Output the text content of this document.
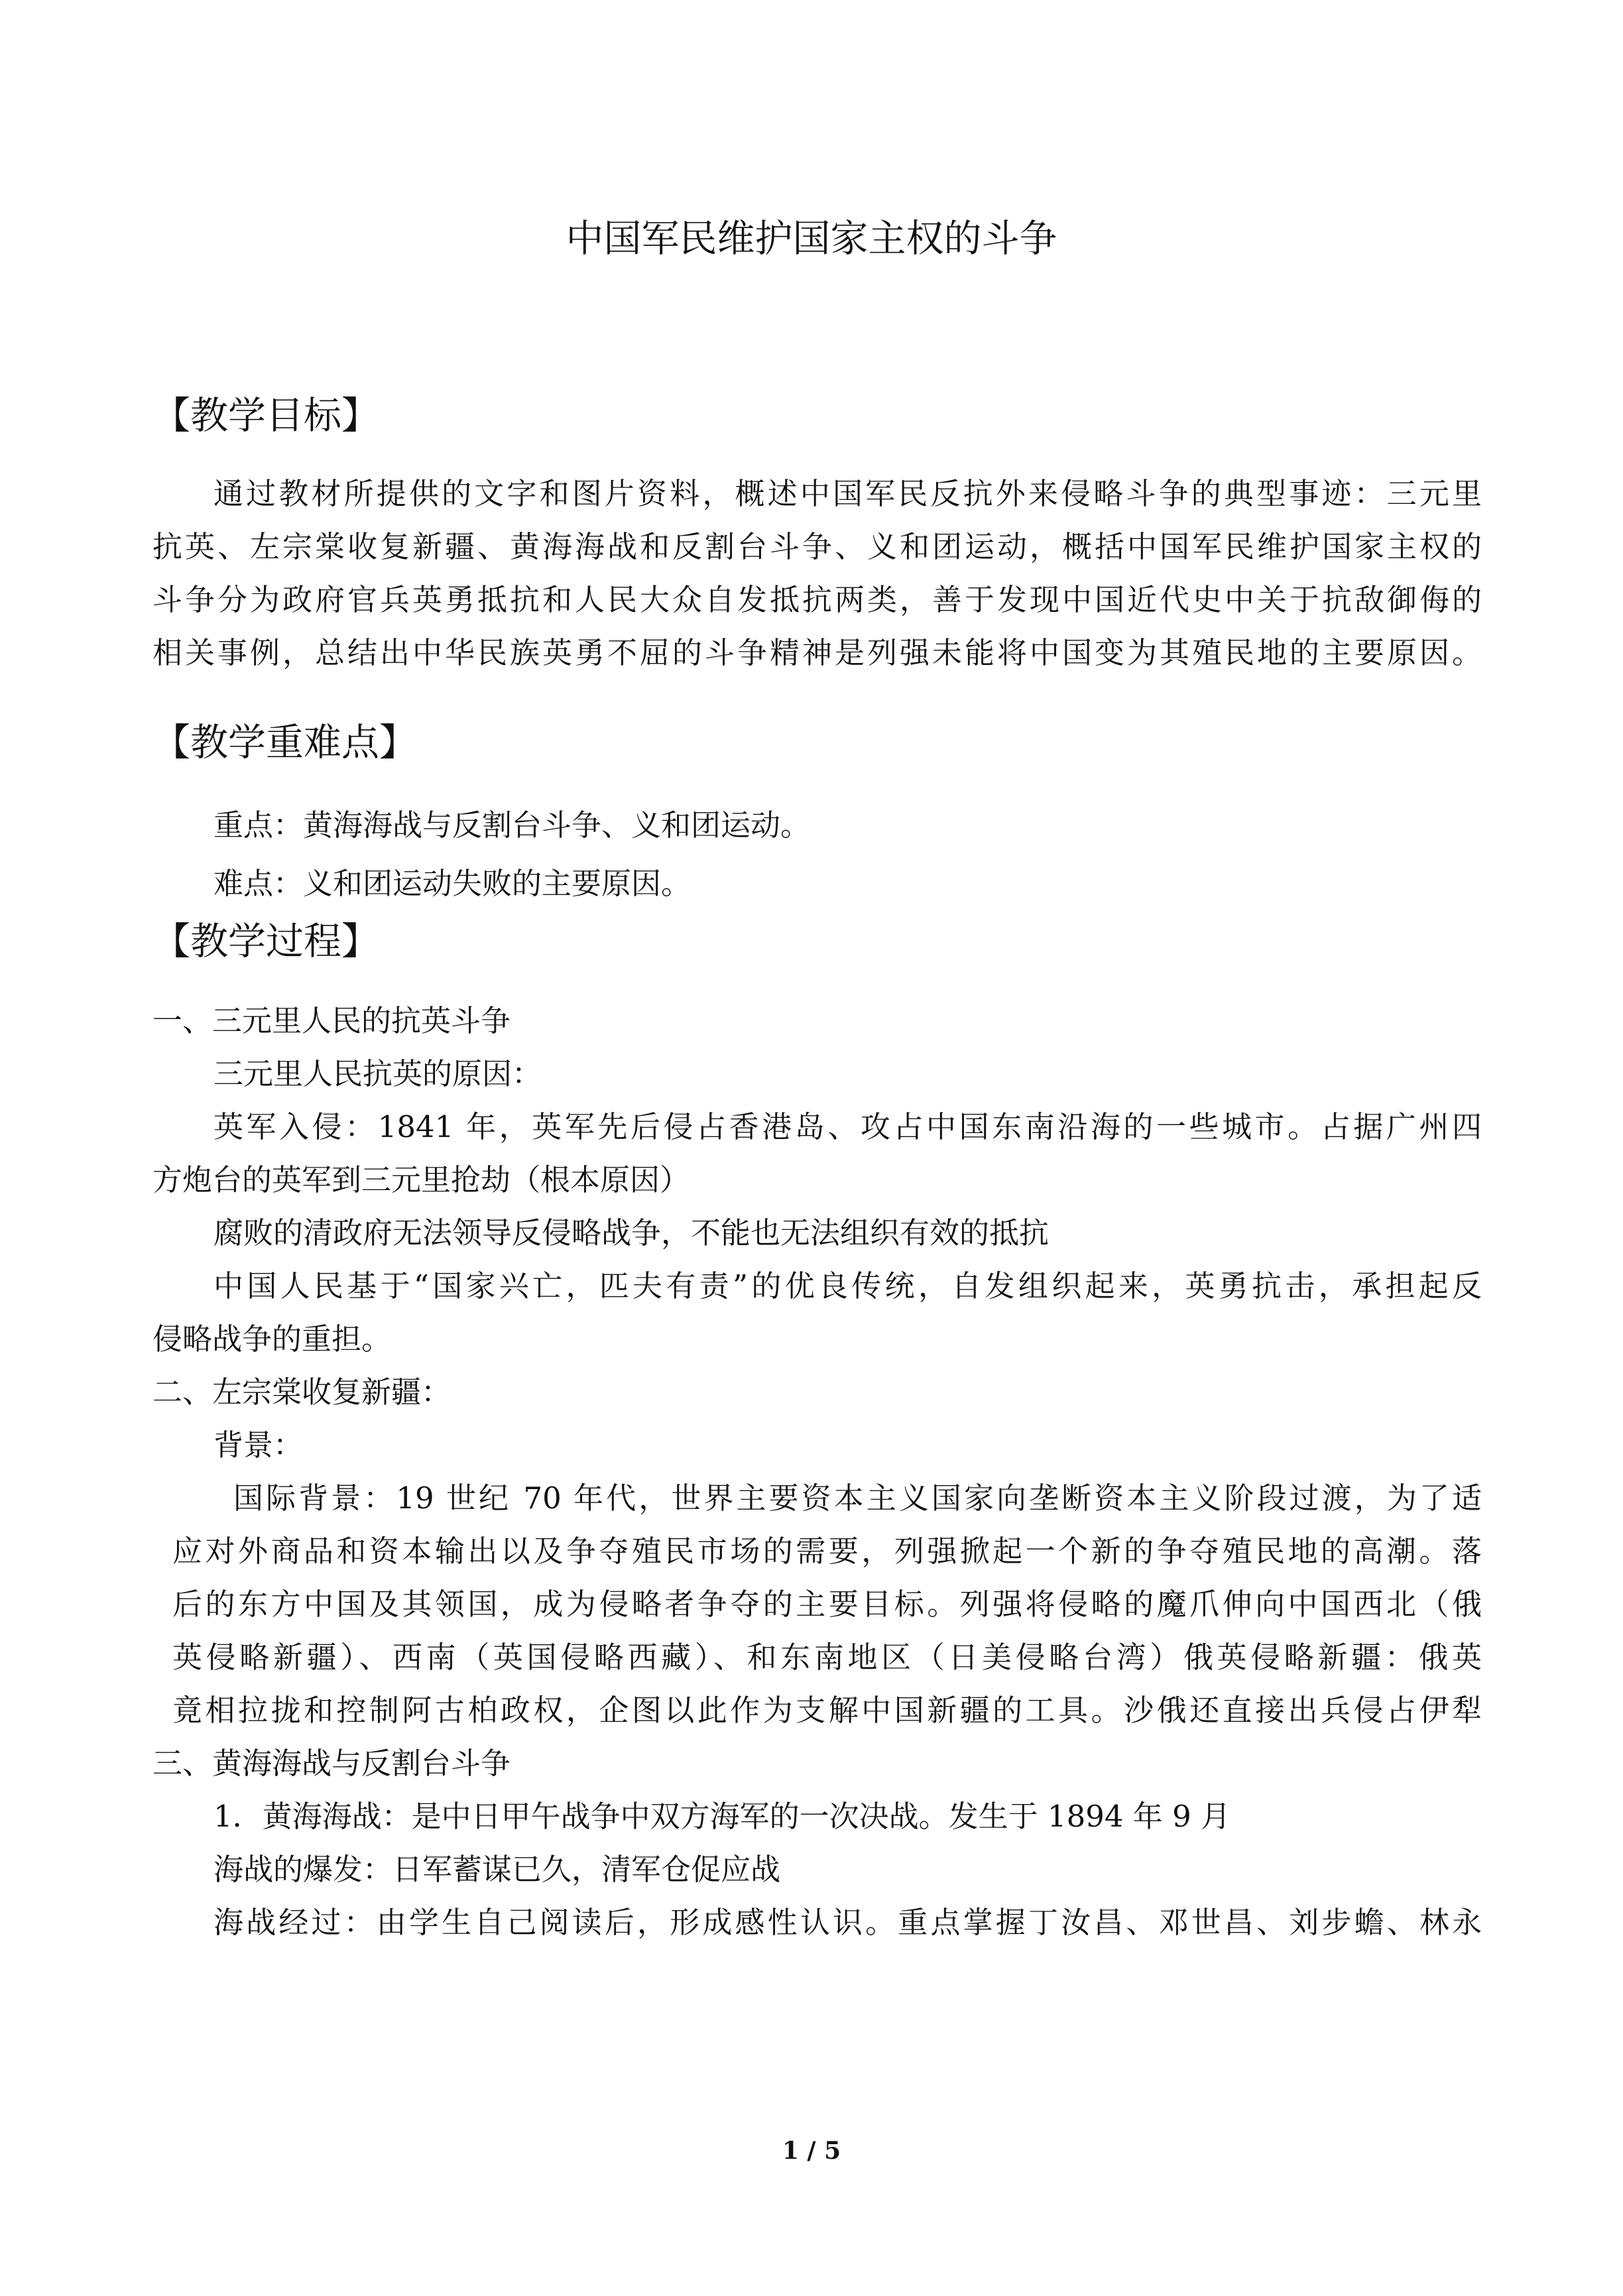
中国军民维护国家主权的斗争
【教学目标】
通过教材所提供的文字和图片资料，概述中国军民反抗外来侵略斗争的典型事迹：三元里
抗英、左宗棠收复新疆、黄海海战和反割台斗争、义和团运动，概括中国军民维护国家主权的
斗争分为政府官兵英勇抵抗和人民大众自发抵抗两类，善于发现中国近代史中关于抗敌御侮的
相关事例，总结出中华民族英勇不屈的斗争精神是列强未能将中国变为其殖民地的主要原因。
【教学重难点】
重点：黄海海战与反割台斗争、义和团运动。
难点：义和团运动失败的主要原因。
【教学过程】
一、三元里人民的抗英斗争
三元里人民抗英的原因：
英军入侵：1841 年，英军先后侵占香港岛、攻占中国东南沿海的一些城市。占据广州四
方炮台的英军到三元里抢劫（根本原因）
腐败的清政府无法领导反侵略战争，不能也无法组织有效的抵抗
中国人民基于“国家兴亡，匹夫有责”的优良传统，自发组织起来，英勇抗击，承担起反
侵略战争的重担。
二、左宗棠收复新疆：
背景：
国际背景：19 世纪 70 年代，世界主要资本主义国家向垄断资本主义阶段过渡，为了适
应对外商品和资本输出以及争夺殖民市场的需要，列强掀起一个新的争夺殖民地的高潮。落
后的东方中国及其领国，成为侵略者争夺的主要目标。列强将侵略的魔爪伸向中国西北（俄
英侵略新疆）、西南（英国侵略西藏）、和东南地区（日美侵略台湾）俄英侵略新疆：俄英
竟相拉拢和控制阿古柏政权，企图以此作为支解中国新疆的工具。沙俄还直接出兵侵占伊犁
三、黄海海战与反割台斗争
1．黄海海战：是中日甲午战争中双方海军的一次决战。发生于 1894 年 9 月
海战的爆发：日军蓄谋已久，清军仓促应战
海战经过：由学生自己阅读后，形成感性认识。重点掌握丁汝昌、邓世昌、刘步蟾、林永
1 / 5
